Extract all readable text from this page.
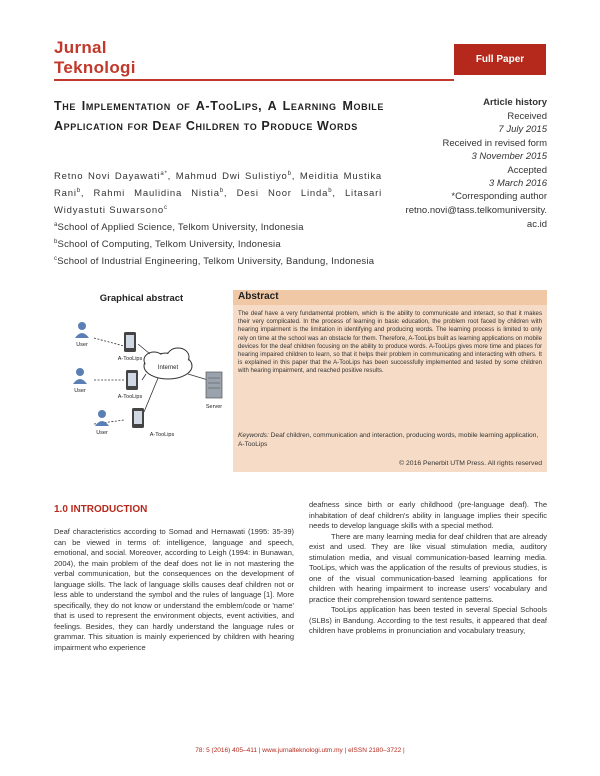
Jurnal
Teknologi	Full Paper
The Implementation of A-TooLips, A Learning Mobile Application for Deaf Children to Produce Words
Retno Novi Dayawati$^{a*}$, Mahmud Dwi Sulistiyo$^b$, Meiditia Mustika Rani$^b$, Rahmi Maulidina Nistia$^b$, Desi Noor Linda$^b$, Litasari Widyastuti Suwarsono$^c$
$^a$School of Applied Science, Telkom University, Indonesia
$^b$School of Computing, Telkom University, Indonesia
$^c$School of Industrial Engineering, Telkom University, Bandung, Indonesia
Article history
Received
7 July 2015
Received in revised form
3 November 2015
Accepted
3 March 2016
*Corresponding author
retno.novi@tass.telkomuniversity.ac.id
Graphical abstract
Internet
User
User
User
A-TooLips
A-TooLips
A-TooLips
Server
Abstract
The deaf have a very fundamental problem, which is the ability to communicate and interact, so that it makes their very complicated. In the process of learning in basic education, the problem root faced by children with hearing impairment is the limitation in identifying and producing words. The learning process is limited to only rely on time at the school was an obstacle for them. Therefore, A-TooLips built as learning applications on mobile devices for the deaf children focusing on the ability to produce words. A-TooLips gives more time and places for hearing impaired children to learn, so that it helps their problem in communicating and interacting with others. It is explained in this paper that the A-TooLips has been successfully implemented and tested by some children with hearing impairment, and reached positive results.
Keywords: Deaf children, communication and interaction, producing words, mobile learning application, A-TooLips
© 2016 Penerbit UTM Press. All rights reserved
1.0 INTRODUCTION

Deaf characteristics according to Somad and Hernawati (1995: 35-39) can be viewed in terms of: intelligence, language and speech, emotional, and social. Moreover, according to Leigh (1994: in Bunawan, 2004), the main problem of the deaf does not lie in not mastering the verbal communication, but the consequences on the development of language skills. The lack of language skills causes deaf children not or less able to understand the symbol and the rules of language [1]. More specifically, they do not know or understand the emblem/code or 'name' that is used to represent the environment objects, event activities, and feelings. Besides, they can hardly understand the language rules or grammar. This situation is mainly experienced by children with hearing impairment who experience

deafness since birth or early childhood (pre-language deaf). The inhabitation of deaf children's ability in language implies their specific needs to develop language skills with a special method.

There are many learning media for deaf children that are already exist and used. They are like visual stimulation media, auditory stimulation media, and visual communication-based learning media. TooLips, which was the application of the results of previous studies, is one of the visual communication-based learning applications for children with hearing impairment to increase users' vocabulary and practice their comprehension toward sentence patterns.

TooLips application has been tested in several Special Schools (SLBs) in Bandung. According to the test results, it appeared that deaf children have problems in pronunciation and vocabulary treasury,

78: 5 (2016) 405–411 | www.jurnalteknologi.utm.my | eISSN 2180–3722 |
